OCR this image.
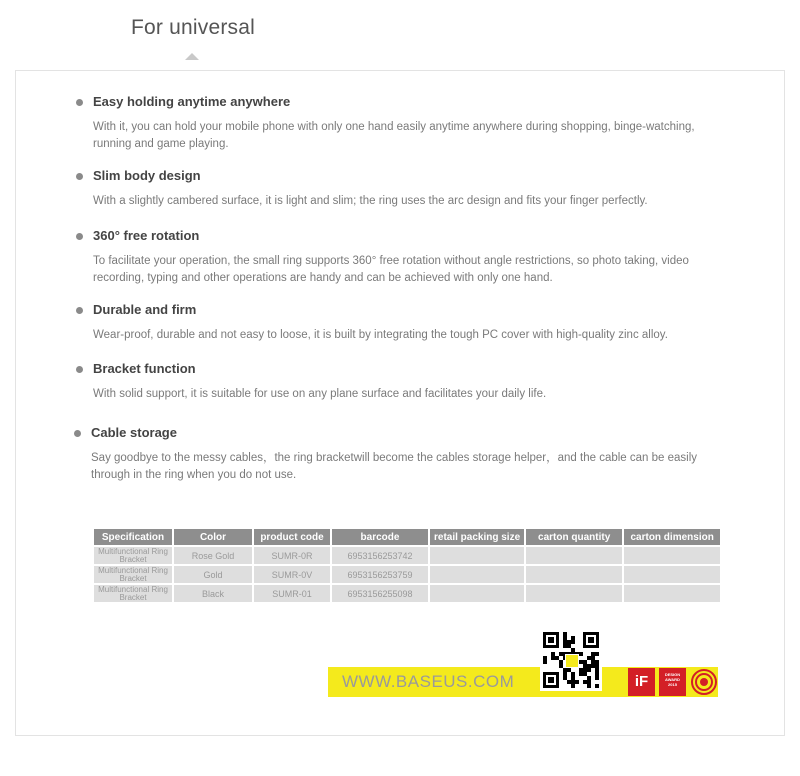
For universal
Easy holding anytime anywhere
With it, you can hold your mobile phone with only one hand easily anytime anywhere during shopping, binge-watching, running and game playing.
Slim body design
With a slightly cambered surface, it is light and slim; the ring uses the arc design and fits your finger perfectly.
360° free rotation
To facilitate your operation, the small ring supports 360° free rotation without angle restrictions, so photo taking, video recording, typing and other operations are handy and can be achieved with only one hand.
Durable and firm
Wear-proof, durable and not easy to loose, it is built by integrating the tough PC cover with high-quality zinc alloy.
Bracket function
With solid support, it is suitable for use on any plane surface and facilitates your daily life.
Cable storage
Say goodbye to the messy cables，the ring bracketwill become the cables storage helper，and the cable can be easily through in the ring when you do not use.
Specification	Color	product code	barcode	retail packing size	carton quantity	carton dimension
Multifunctional Ring Bracket	Rose Gold	SUMR-0R	6953156253742			
Multifunctional Ring Bracket	Gold	SUMR-0V	6953156253759			
Multifunctional Ring Bracket	Black	SUMR-01	6953156255098			
WWW.BASEUS.COM	iF	DESIGN
AWARD
2015
